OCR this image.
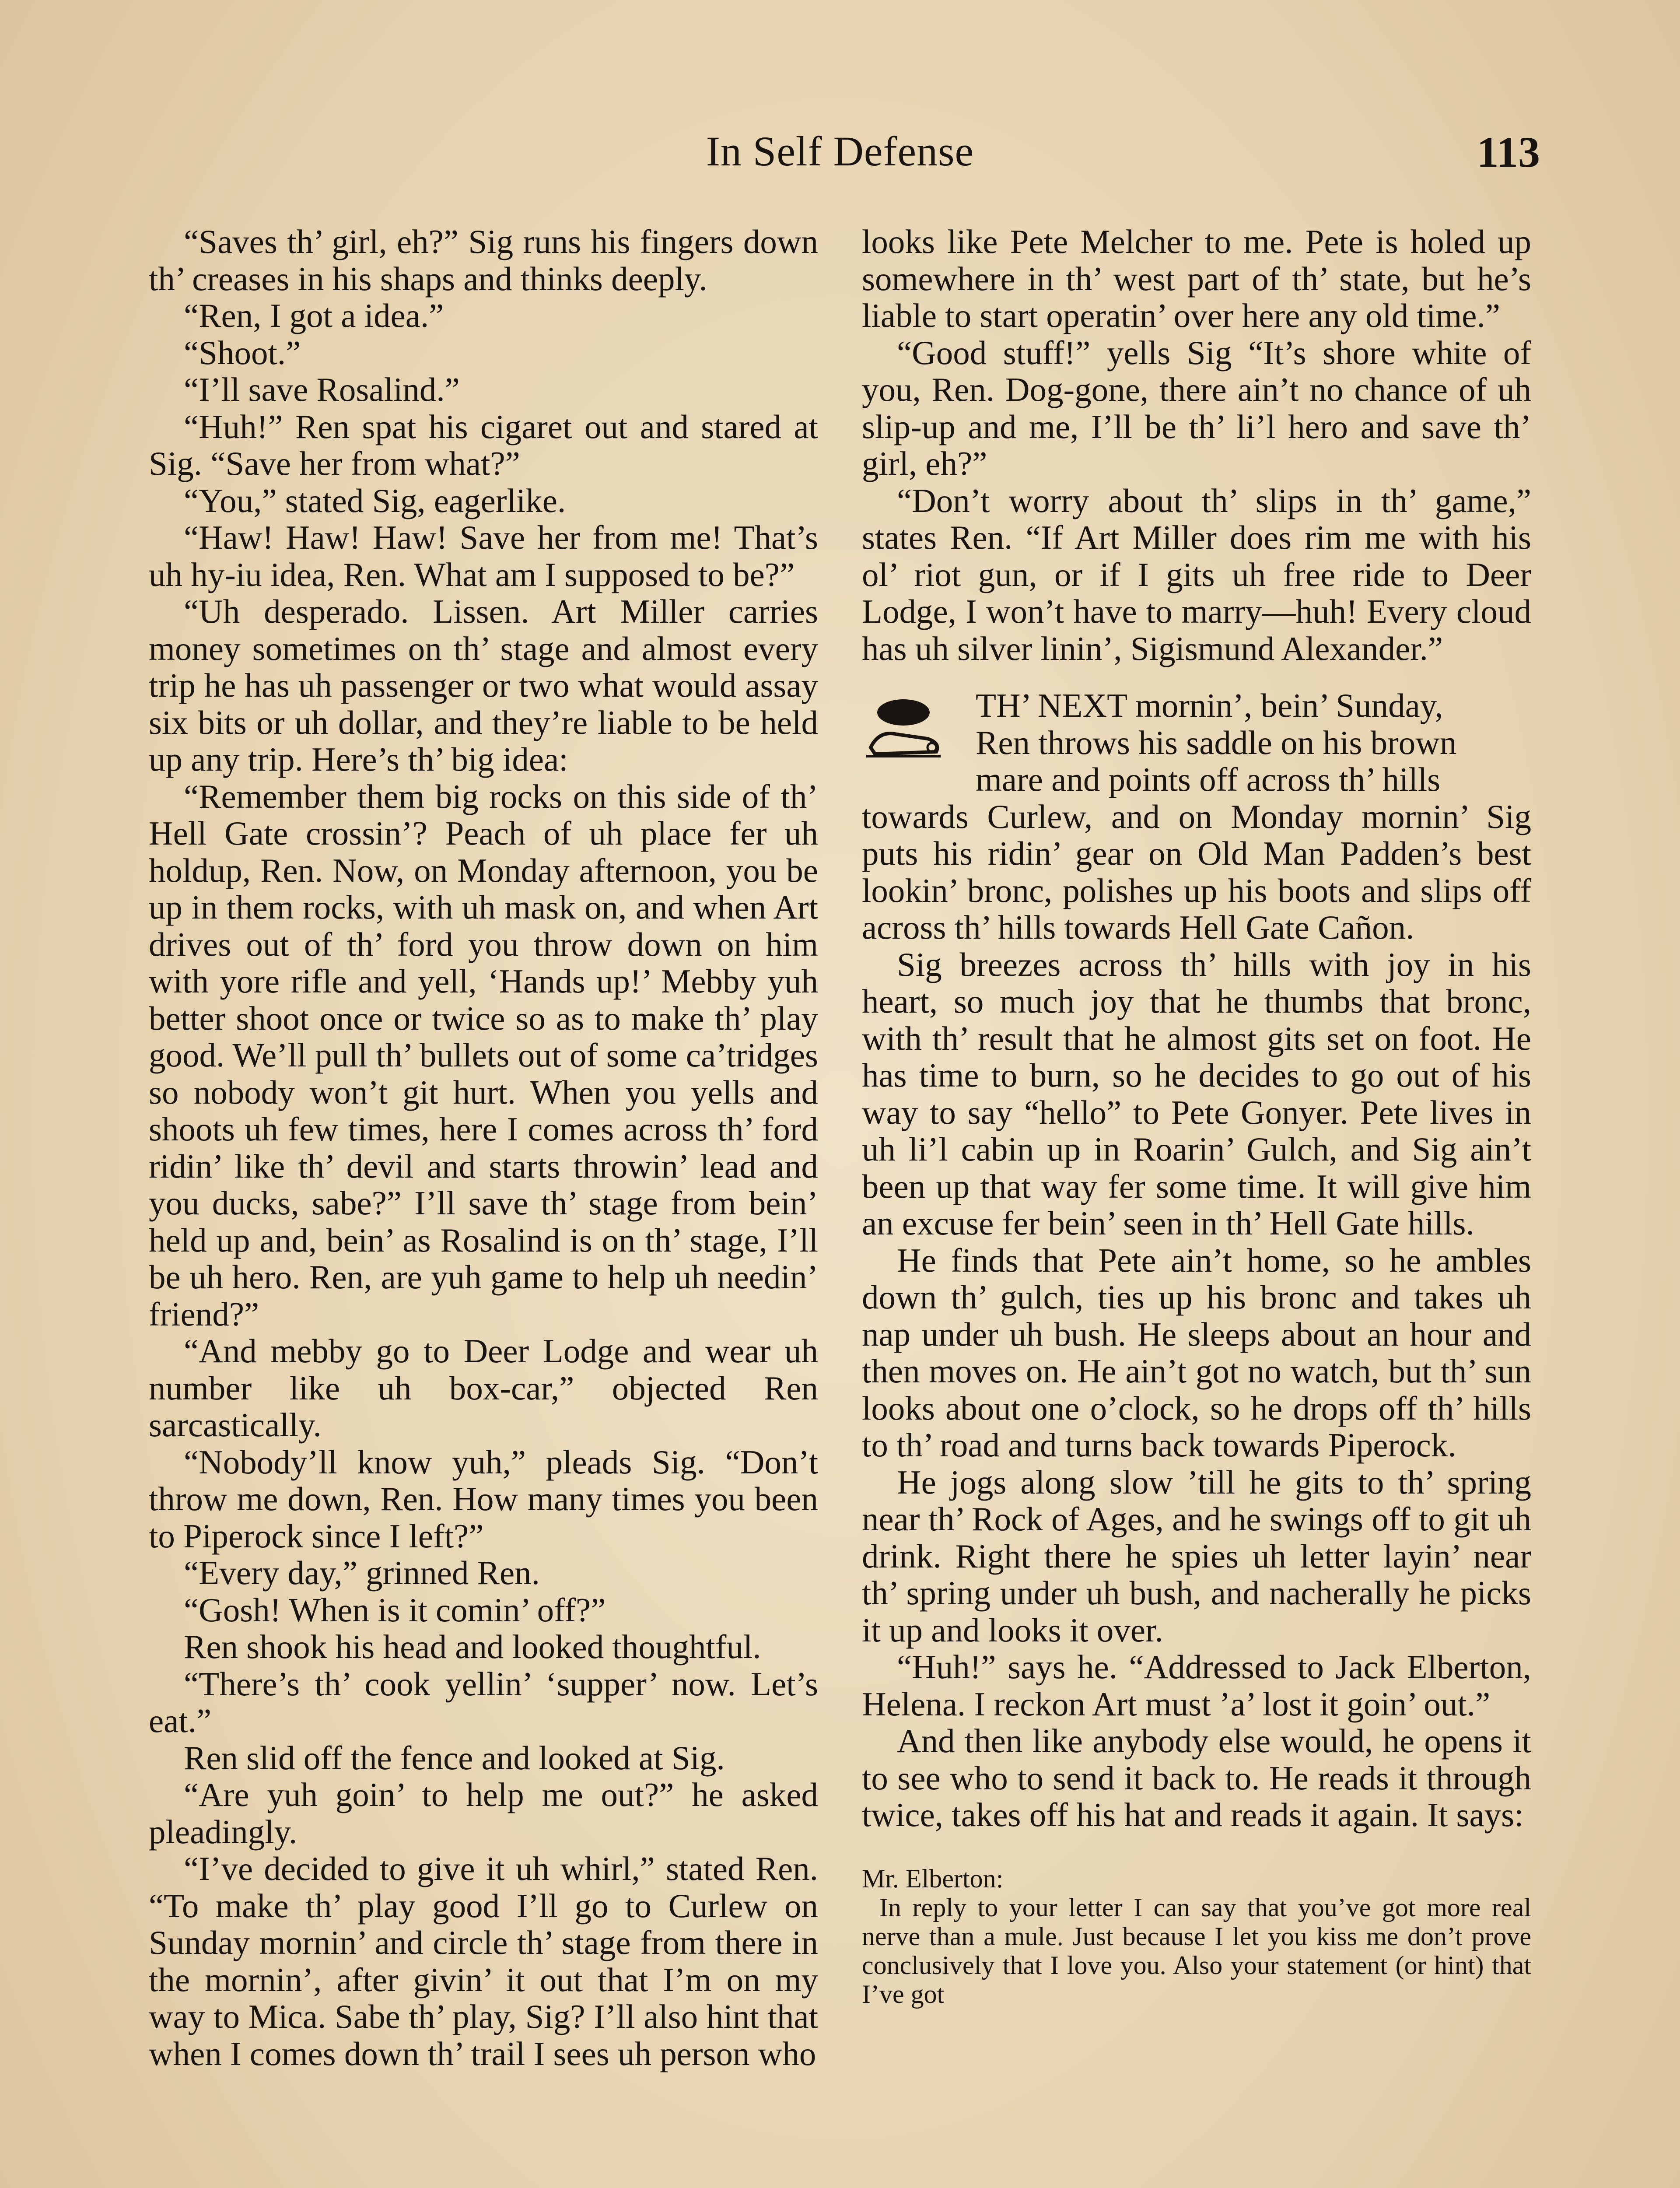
In Self Defense	113

“Saves th’ girl, eh?” Sig runs his fingers down th’ creases in his shaps and thinks deeply.

“Ren, I got a idea.”

“Shoot.”

“I’ll save Rosalind.”

“Huh!” Ren spat his cigaret out and stared at Sig. “Save her from what?”

“You,” stated Sig, eagerlike.

“Haw! Haw! Haw! Save her from me! That’s uh hy-iu idea, Ren. What am I supposed to be?”

“Uh desperado. Lissen. Art Miller carries money sometimes on th’ stage and almost every trip he has uh passenger or two what would assay six bits or uh dollar, and they’re liable to be held up any trip. Here’s th’ big idea:

“Remember them big rocks on this side of th’ Hell Gate crossin’? Peach of uh place fer uh holdup, Ren. Now, on Monday afternoon, you be up in them rocks, with uh mask on, and when Art drives out of th’ ford you throw down on him with yore rifle and yell, ‘Hands up!’ Mebby yuh better shoot once or twice so as to make th’ play good. We’ll pull th’ bullets out of some ca’tridges so nobody won’t git hurt. When you yells and shoots uh few times, here I comes across th’ ford ridin’ like th’ devil and starts throwin’ lead and you ducks, sabe?” I’ll save th’ stage from bein’ held up and, bein’ as Rosalind is on th’ stage, I’ll be uh hero. Ren, are yuh game to help uh needin’ friend?”

“And mebby go to Deer Lodge and wear uh number like uh box-car,” objected Ren sarcastically.

“Nobody’ll know yuh,” pleads Sig. “Don’t throw me down, Ren. How many times you been to Piperock since I left?”

“Every day,” grinned Ren.

“Gosh! When is it comin’ off?”

Ren shook his head and looked thoughtful.

“There’s th’ cook yellin’ ‘supper’ now. Let’s eat.”

Ren slid off the fence and looked at Sig.

“Are yuh goin’ to help me out?” he asked pleadingly.

“I’ve decided to give it uh whirl,” stated Ren. “To make th’ play good I’ll go to Curlew on Sunday mornin’ and circle th’ stage from there in the mornin’, after givin’ it out that I’m on my way to Mica. Sabe th’ play, Sig? I’ll also hint that when I comes down th’ trail I sees uh person who

looks like Pete Melcher to me. Pete is holed up somewhere in th’ west part of th’ state, but he’s liable to start operatin’ over here any old time.”

“Good stuff!” yells Sig “It’s shore white of you, Ren. Dog-gone, there ain’t no chance of uh slip-up and me, I’ll be th’ li’l hero and save th’ girl, eh?”

“Don’t worry about th’ slips in th’ game,” states Ren. “If Art Miller does rim me with his ol’ riot gun, or if I gits uh free ride to Deer Lodge, I won’t have to marry—huh! Every cloud has uh silver linin’, Sigismund Alexander.”

TH’ NEXT mornin’, bein’ Sunday,

Ren throws his saddle on his brown

mare and points off across th’ hills

towards Curlew, and on Monday mornin’ Sig puts his ridin’ gear on Old Man Padden’s best lookin’ bronc, polishes up his boots and slips off across th’ hills towards Hell Gate Cañon.

Sig breezes across th’ hills with joy in his heart, so much joy that he thumbs that bronc, with th’ result that he almost gits set on foot. He has time to burn, so he decides to go out of his way to say “hello” to Pete Gonyer. Pete lives in uh li’l cabin up in Roarin’ Gulch, and Sig ain’t been up that way fer some time. It will give him an excuse fer bein’ seen in th’ Hell Gate hills.

He finds that Pete ain’t home, so he ambles down th’ gulch, ties up his bronc and takes uh nap under uh bush. He sleeps about an hour and then moves on. He ain’t got no watch, but th’ sun looks about one o’clock, so he drops off th’ hills to th’ road and turns back towards Piperock.

He jogs along slow ’till he gits to th’ spring near th’ Rock of Ages, and he swings off to git uh drink. Right there he spies uh letter layin’ near th’ spring under uh bush, and nacherally he picks it up and looks it over.

“Huh!” says he. “Addressed to Jack Elberton, Helena. I reckon Art must ’a’ lost it goin’ out.”

And then like anybody else would, he opens it to see who to send it back to. He reads it through twice, takes off his hat and reads it again. It says:

Mr. Elberton:

In reply to your letter I can say that you’ve got more real nerve than a mule. Just because I let you kiss me don’t prove conclusively that I love you. Also your statement (or hint) that I’ve got
